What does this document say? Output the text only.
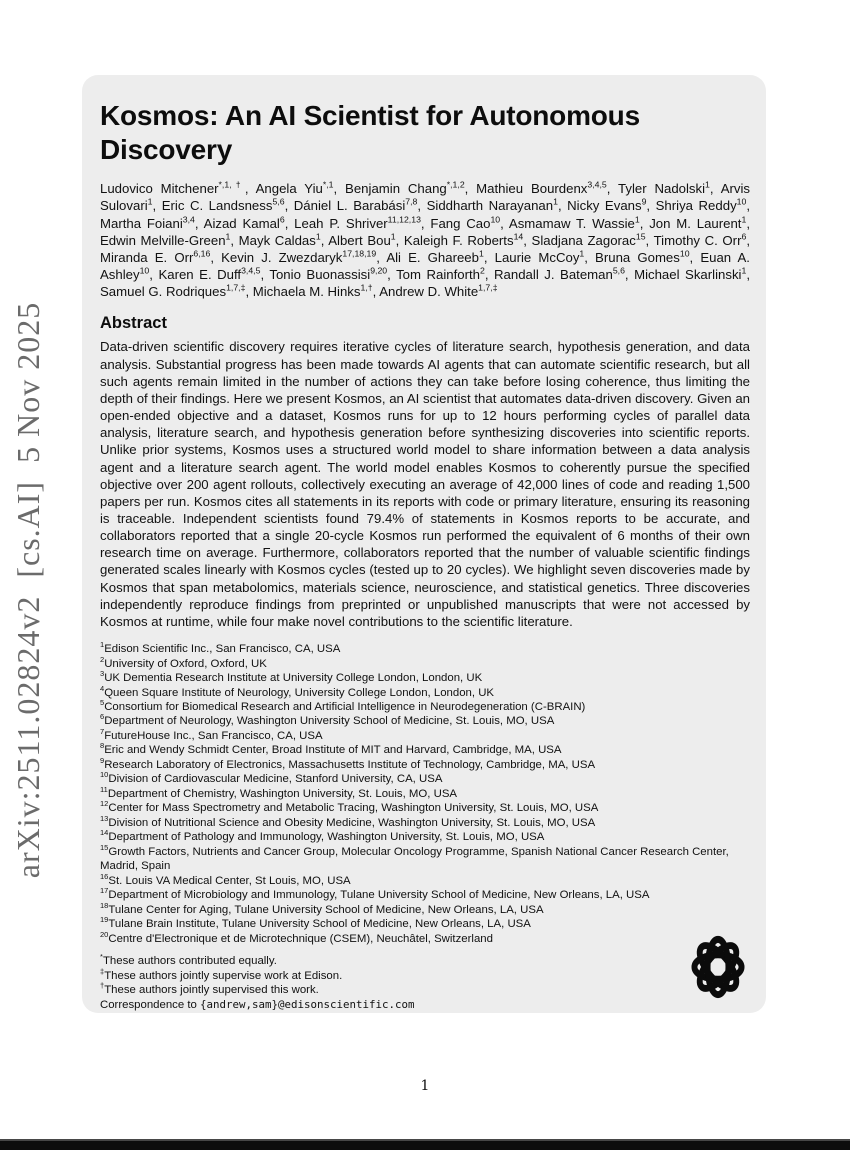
arXiv:2511.02824v2  [cs.AI]  5 Nov 2025
Kosmos: An AI Scientist for Autonomous Discovery

Ludovico Mitchener$^{*,1,\dagger}$, Angela Yiu$^{*,1}$, Benjamin Chang$^{*,1,2}$, Mathieu Bourdenx$^{3,4,5}$, Tyler Nadolski$^1$, Arvis Sulovari$^1$, Eric C. Landsness$^{5,6}$, Dániel L. Barabási$^{7,8}$, Siddharth Narayanan$^1$, Nicky Evans$^9$, Shriya Reddy$^{10}$, Martha Foiani$^{3,4}$, Aizad Kamal$^6$, Leah P. Shriver$^{11,12,13}$, Fang Cao$^{10}$, Asmamaw T. Wassie$^1$, Jon M. Laurent$^1$, Edwin Melville-Green$^1$, Mayk Caldas$^1$, Albert Bou$^1$, Kaleigh F. Roberts$^{14}$, Sladjana Zagorac$^{15}$, Timothy C. Orr$^6$, Miranda E. Orr$^{6,16}$, Kevin J. Zwezdaryk$^{17,18,19}$, Ali E. Ghareeb$^1$, Laurie McCoy$^1$, Bruna Gomes$^{10}$, Euan A. Ashley$^{10}$, Karen E. Duff$^{3,4,5}$, Tonio Buonassisi$^{9,20}$, Tom Rainforth$^2$, Randall J. Bateman$^{5,6}$, Michael Skarlinski$^1$, Samuel G. Rodriques$^{1,7,\ddagger}$, Michaela M. Hinks$^{1,\dagger}$, Andrew D. White$^{1,7,\ddagger}$

Abstract

Data-driven scientific discovery requires iterative cycles of literature search, hypothesis generation, and data analysis. Substantial progress has been made towards AI agents that can automate scientific research, but all such agents remain limited in the number of actions they can take before losing coherence, thus limiting the depth of their findings. Here we present Kosmos, an AI scientist that automates data-driven discovery. Given an open-ended objective and a dataset, Kosmos runs for up to 12 hours performing cycles of parallel data analysis, literature search, and hypothesis generation before synthesizing discoveries into scientific reports. Unlike prior systems, Kosmos uses a structured world model to share information between a data analysis agent and a literature search agent. The world model enables Kosmos to coherently pursue the specified objective over 200 agent rollouts, collectively executing an average of 42,000 lines of code and reading 1,500 papers per run. Kosmos cites all statements in its reports with code or primary literature, ensuring its reasoning is traceable. Independent scientists found 79.4% of statements in Kosmos reports to be accurate, and collaborators reported that a single 20-cycle Kosmos run performed the equivalent of 6 months of their own research time on average. Furthermore, collaborators reported that the number of valuable scientific findings generated scales linearly with Kosmos cycles (tested up to 20 cycles). We highlight seven discoveries made by Kosmos that span metabolomics, materials science, neuroscience, and statistical genetics. Three discoveries independently reproduce findings from preprinted or unpublished manuscripts that were not accessed by Kosmos at runtime, while four make novel contributions to the scientific literature.

$^1$Edison Scientific Inc., San Francisco, CA, USA
$^2$University of Oxford, Oxford, UK
$^3$UK Dementia Research Institute at University College London, London, UK
$^4$Queen Square Institute of Neurology, University College London, London, UK
$^5$Consortium for Biomedical Research and Artificial Intelligence in Neurodegeneration (C-BRAIN)
$^6$Department of Neurology, Washington University School of Medicine, St. Louis, MO, USA
$^7$FutureHouse Inc., San Francisco, CA, USA
$^8$Eric and Wendy Schmidt Center, Broad Institute of MIT and Harvard, Cambridge, MA, USA
$^9$Research Laboratory of Electronics, Massachusetts Institute of Technology, Cambridge, MA, USA
$^{10}$Division of Cardiovascular Medicine, Stanford University, CA, USA
$^{11}$Department of Chemistry, Washington University, St. Louis, MO, USA
$^{12}$Center for Mass Spectrometry and Metabolic Tracing, Washington University, St. Louis, MO, USA
$^{13}$Division of Nutritional Science and Obesity Medicine, Washington University, St. Louis, MO, USA
$^{14}$Department of Pathology and Immunology, Washington University, St. Louis, MO, USA
$^{15}$Growth Factors, Nutrients and Cancer Group, Molecular Oncology Programme, Spanish National Cancer Research Center, Madrid, Spain
$^{16}$St. Louis VA Medical Center, St Louis, MO, USA
$^{17}$Department of Microbiology and Immunology, Tulane University School of Medicine, New Orleans, LA, USA
$^{18}$Tulane Center for Aging, Tulane University School of Medicine, New Orleans, LA, USA
$^{19}$Tulane Brain Institute, Tulane University School of Medicine, New Orleans, LA, USA
$^{20}$Centre d'Electronique et de Microtechnique (CSEM), Neuchâtel, Switzerland
*These authors contributed equally.
‡These authors jointly supervise work at Edison.
†These authors jointly supervised this work.

Correspondence to {andrew,sam}@edisonscientific.com

1
